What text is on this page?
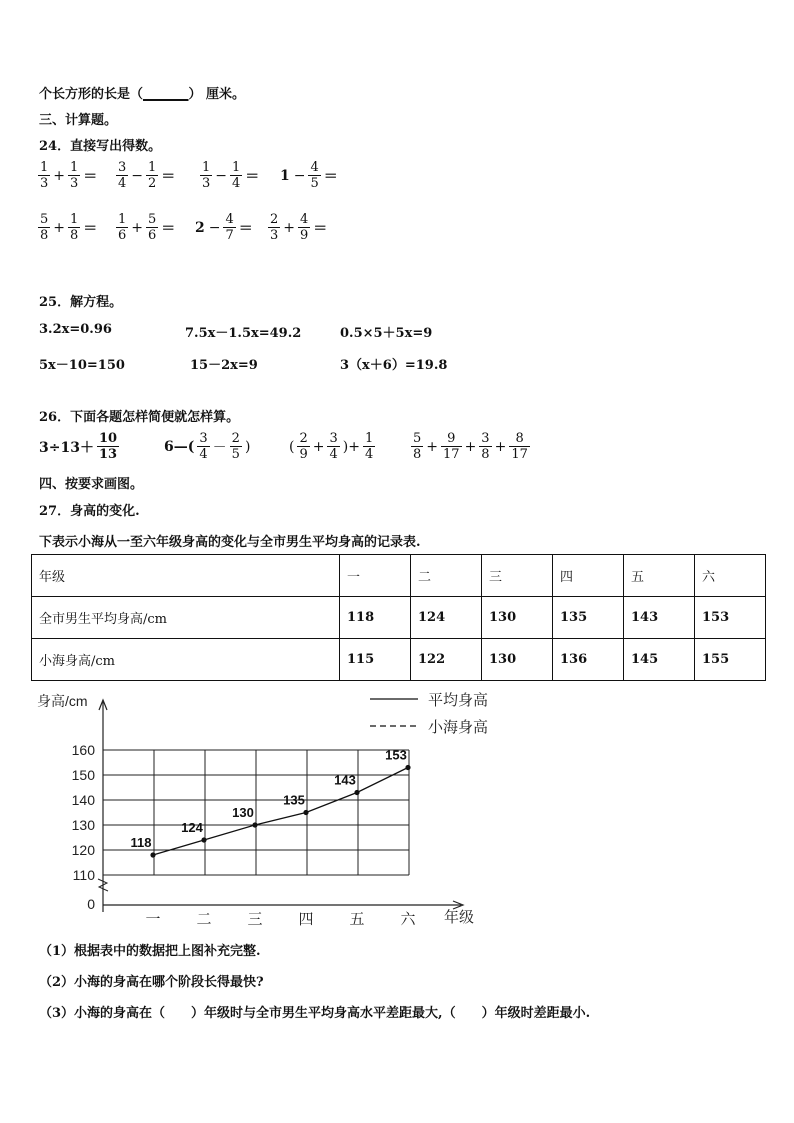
个长方形的长是（_______） 厘米。
三、计算题。
24．直接写出得数。
$\frac{1}{3} + \frac{1}{3} = \frac{3}{4} - \frac{1}{2} = \frac{1}{3} - \frac{1}{4} = 1 - \frac{4}{5}$ ＝
$\frac{5}{8} + \frac{1}{8} = \frac{1}{6} + \frac{5}{6} = 2 - \frac{4}{7} = \frac{2}{3} + \frac{4}{9}$ ＝
25．解方程。
3.2x=0.96	7.5x－1.5x=49.2	0.5×5＋5x=9
5x－10=150	15－2x=9	3（x＋6）=19.8
26．下面各题怎样简便就怎样算。
$3\div 13+ \frac{10}{13}$	6—( $\frac{3}{4} - \frac{2}{5}$ )	( $\frac{2}{9} + \frac{3}{4}$ )+ $\frac{1}{4}$	$\frac{5}{8} + \frac{9}{17} + \frac{3}{8} + \frac{8}{17}$
四、按要求画图。
27．身高的变化.
下表示小海从一至六年级身高的变化与全市男生平均身高的记录表.
年级	一	二	三	四	五	六
全市男生平均身高/cm	118	124	130	135	143	153
小海身高/cm	115	122	130	136	145	155
160
150
140
130
120
110
0
一 二 三 四 五 六
118
124
130
135
143
153
身高/cm
年级
平均身高
小海身高
（1）根据表中的数据把上图补充完整.
（2）小海的身高在哪个阶段长得最快?
（3）小海的身高在（　　）年级时与全市男生平均身高水平差距最大,（　　）年级时差距最小.
